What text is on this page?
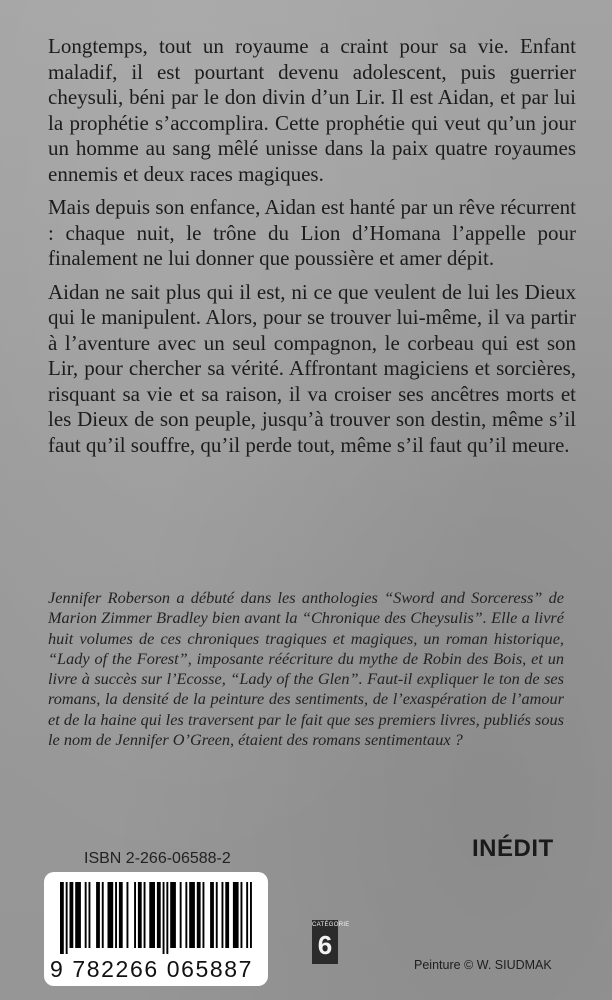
Longtemps, tout un royaume a craint pour sa vie. Enfant maladif, il est pourtant devenu adolescent, puis guerrier cheysuli, béni par le don divin d’un Lir. Il est Aidan, et par lui la prophétie s’accomplira. Cette prophétie qui veut qu’un jour un homme au sang mêlé unisse dans la paix quatre royaumes ennemis et deux races magiques.

Mais depuis son enfance, Aidan est hanté par un rêve récurrent : chaque nuit, le trône du Lion d’Homana l’appelle pour finalement ne lui donner que poussière et amer dépit.

Aidan ne sait plus qui il est, ni ce que veulent de lui les Dieux qui le manipulent. Alors, pour se trouver lui-même, il va partir à l’aventure avec un seul compagnon, le corbeau qui est son Lir, pour chercher sa vérité. Affrontant magiciens et sorcières, risquant sa vie et sa raison, il va croiser ses ancêtres morts et les Dieux de son peuple, jusqu’à trouver son destin, même s’il faut qu’il souffre, qu’il perde tout, même s’il faut qu’il meure.

Jennifer Roberson a débuté dans les anthologies “Sword and Sorceress” de Marion Zimmer Bradley bien avant la “Chronique des Cheysulis”. Elle a livré huit volumes de ces chroniques tragiques et magiques, un roman historique, “Lady of the Forest”, imposante réécriture du mythe de Robin des Bois, et un livre à succès sur l’Ecosse, “Lady of the Glen”. Faut-il expliquer le ton de ses romans, la densité de la peinture des sentiments, de l’exaspération de l’amour et de la haine qui les traversent par le fait que ses premiers livres, publiés sous le nom de Jennifer O’Green, étaient des romans sentimentaux ?

INÉDIT
ISBN 2-266-06588-2
9 782266 065887
CATÉGORIE
6
Peinture © W. SIUDMAK
